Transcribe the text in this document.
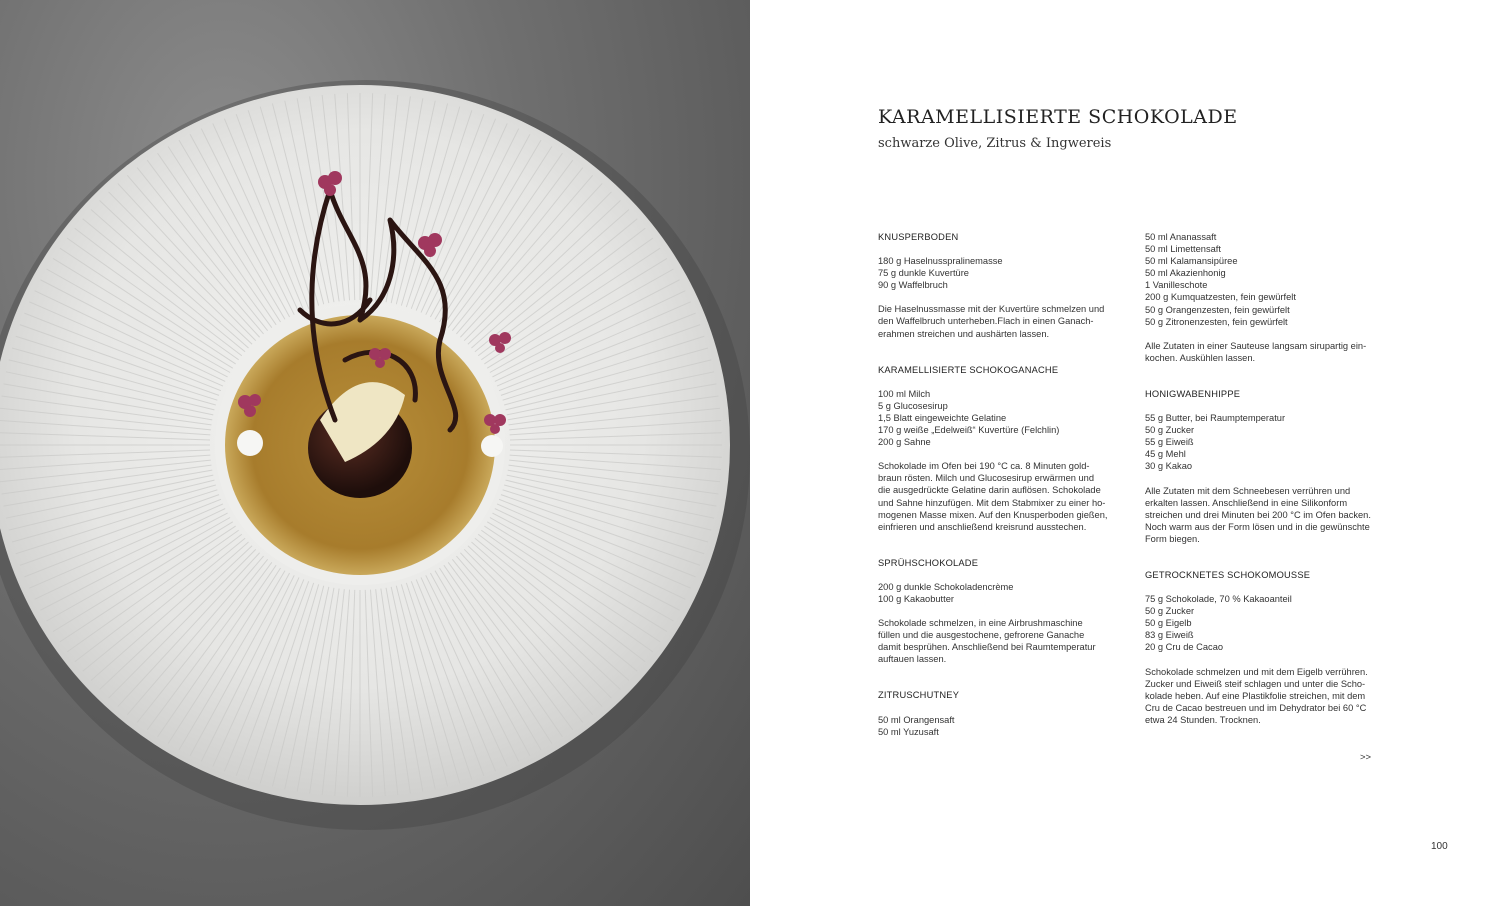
KARAMELLISIERTE SCHOKOLADE
schwarze Olive, Zitrus & Ingwereis
KNUSPERBODEN
180 g Haselnusspralinemasse
75 g dunkle Kuvertüre
90 g Waffelbruch
Die Haselnussmasse mit der Kuvertüre schmelzen und
den Waffelbruch unterheben.Flach in einen Ganach-
erahmen streichen und aushärten lassen.
KARAMELLISIERTE SCHOKOGANACHE
100 ml Milch
5 g Glucosesirup
1,5 Blatt eingeweichte Gelatine
170 g weiße „Edelweiß“ Kuvertüre (Felchlin)
200 g Sahne
Schokolade im Ofen bei 190 °C ca. 8 Minuten gold-
braun rösten. Milch und Glucosesirup erwärmen und
die ausgedrückte Gelatine darin auflösen. Schokolade
und Sahne hinzufügen. Mit dem Stabmixer zu einer ho-
mogenen Masse mixen. Auf den Knusperboden gießen,
einfrieren und anschließend kreisrund ausstechen.
SPRÜHSCHOKOLADE
200 g dunkle Schokoladencrème
100 g Kakaobutter
Schokolade schmelzen, in eine Airbrushmaschine
füllen und die ausgestochene, gefrorene Ganache
damit besprühen. Anschließend bei Raumtemperatur
auftauen lassen.
ZITRUSCHUTNEY
50 ml Orangensaft
50 ml Yuzusaft
50 ml Ananassaft
50 ml Limettensaft
50 ml Kalamansipüree
50 ml Akazienhonig
1 Vanilleschote
200 g Kumquatzesten, fein gewürfelt
50 g Orangenzesten, fein gewürfelt
50 g Zitronenzesten, fein gewürfelt
Alle Zutaten in einer Sauteuse langsam sirupartig ein-
kochen. Auskühlen lassen.
HONIGWABENHIPPE
55 g Butter, bei Raumptemperatur
50 g Zucker
55 g Eiweiß
45 g Mehl
30 g Kakao
Alle Zutaten mit dem Schneebesen verrühren und
erkalten lassen. Anschließend in eine Silikonform
streichen und drei Minuten bei 200 °C im Ofen backen.
Noch warm aus der Form lösen und in die gewünschte
Form biegen.
GETROCKNETES SCHOKOMOUSSE
75 g Schokolade, 70 % Kakaoanteil
50 g Zucker
50 g Eigelb
83 g Eiweiß
20 g Cru de Cacao
Schokolade schmelzen und mit dem Eigelb verrühren.
Zucker und Eiweiß steif schlagen und unter die Scho-
kolade heben. Auf eine Plastikfolie streichen, mit dem
Cru de Cacao bestreuen und im Dehydrator bei 60 °C
etwa 24 Stunden. Trocknen.
>>
100
